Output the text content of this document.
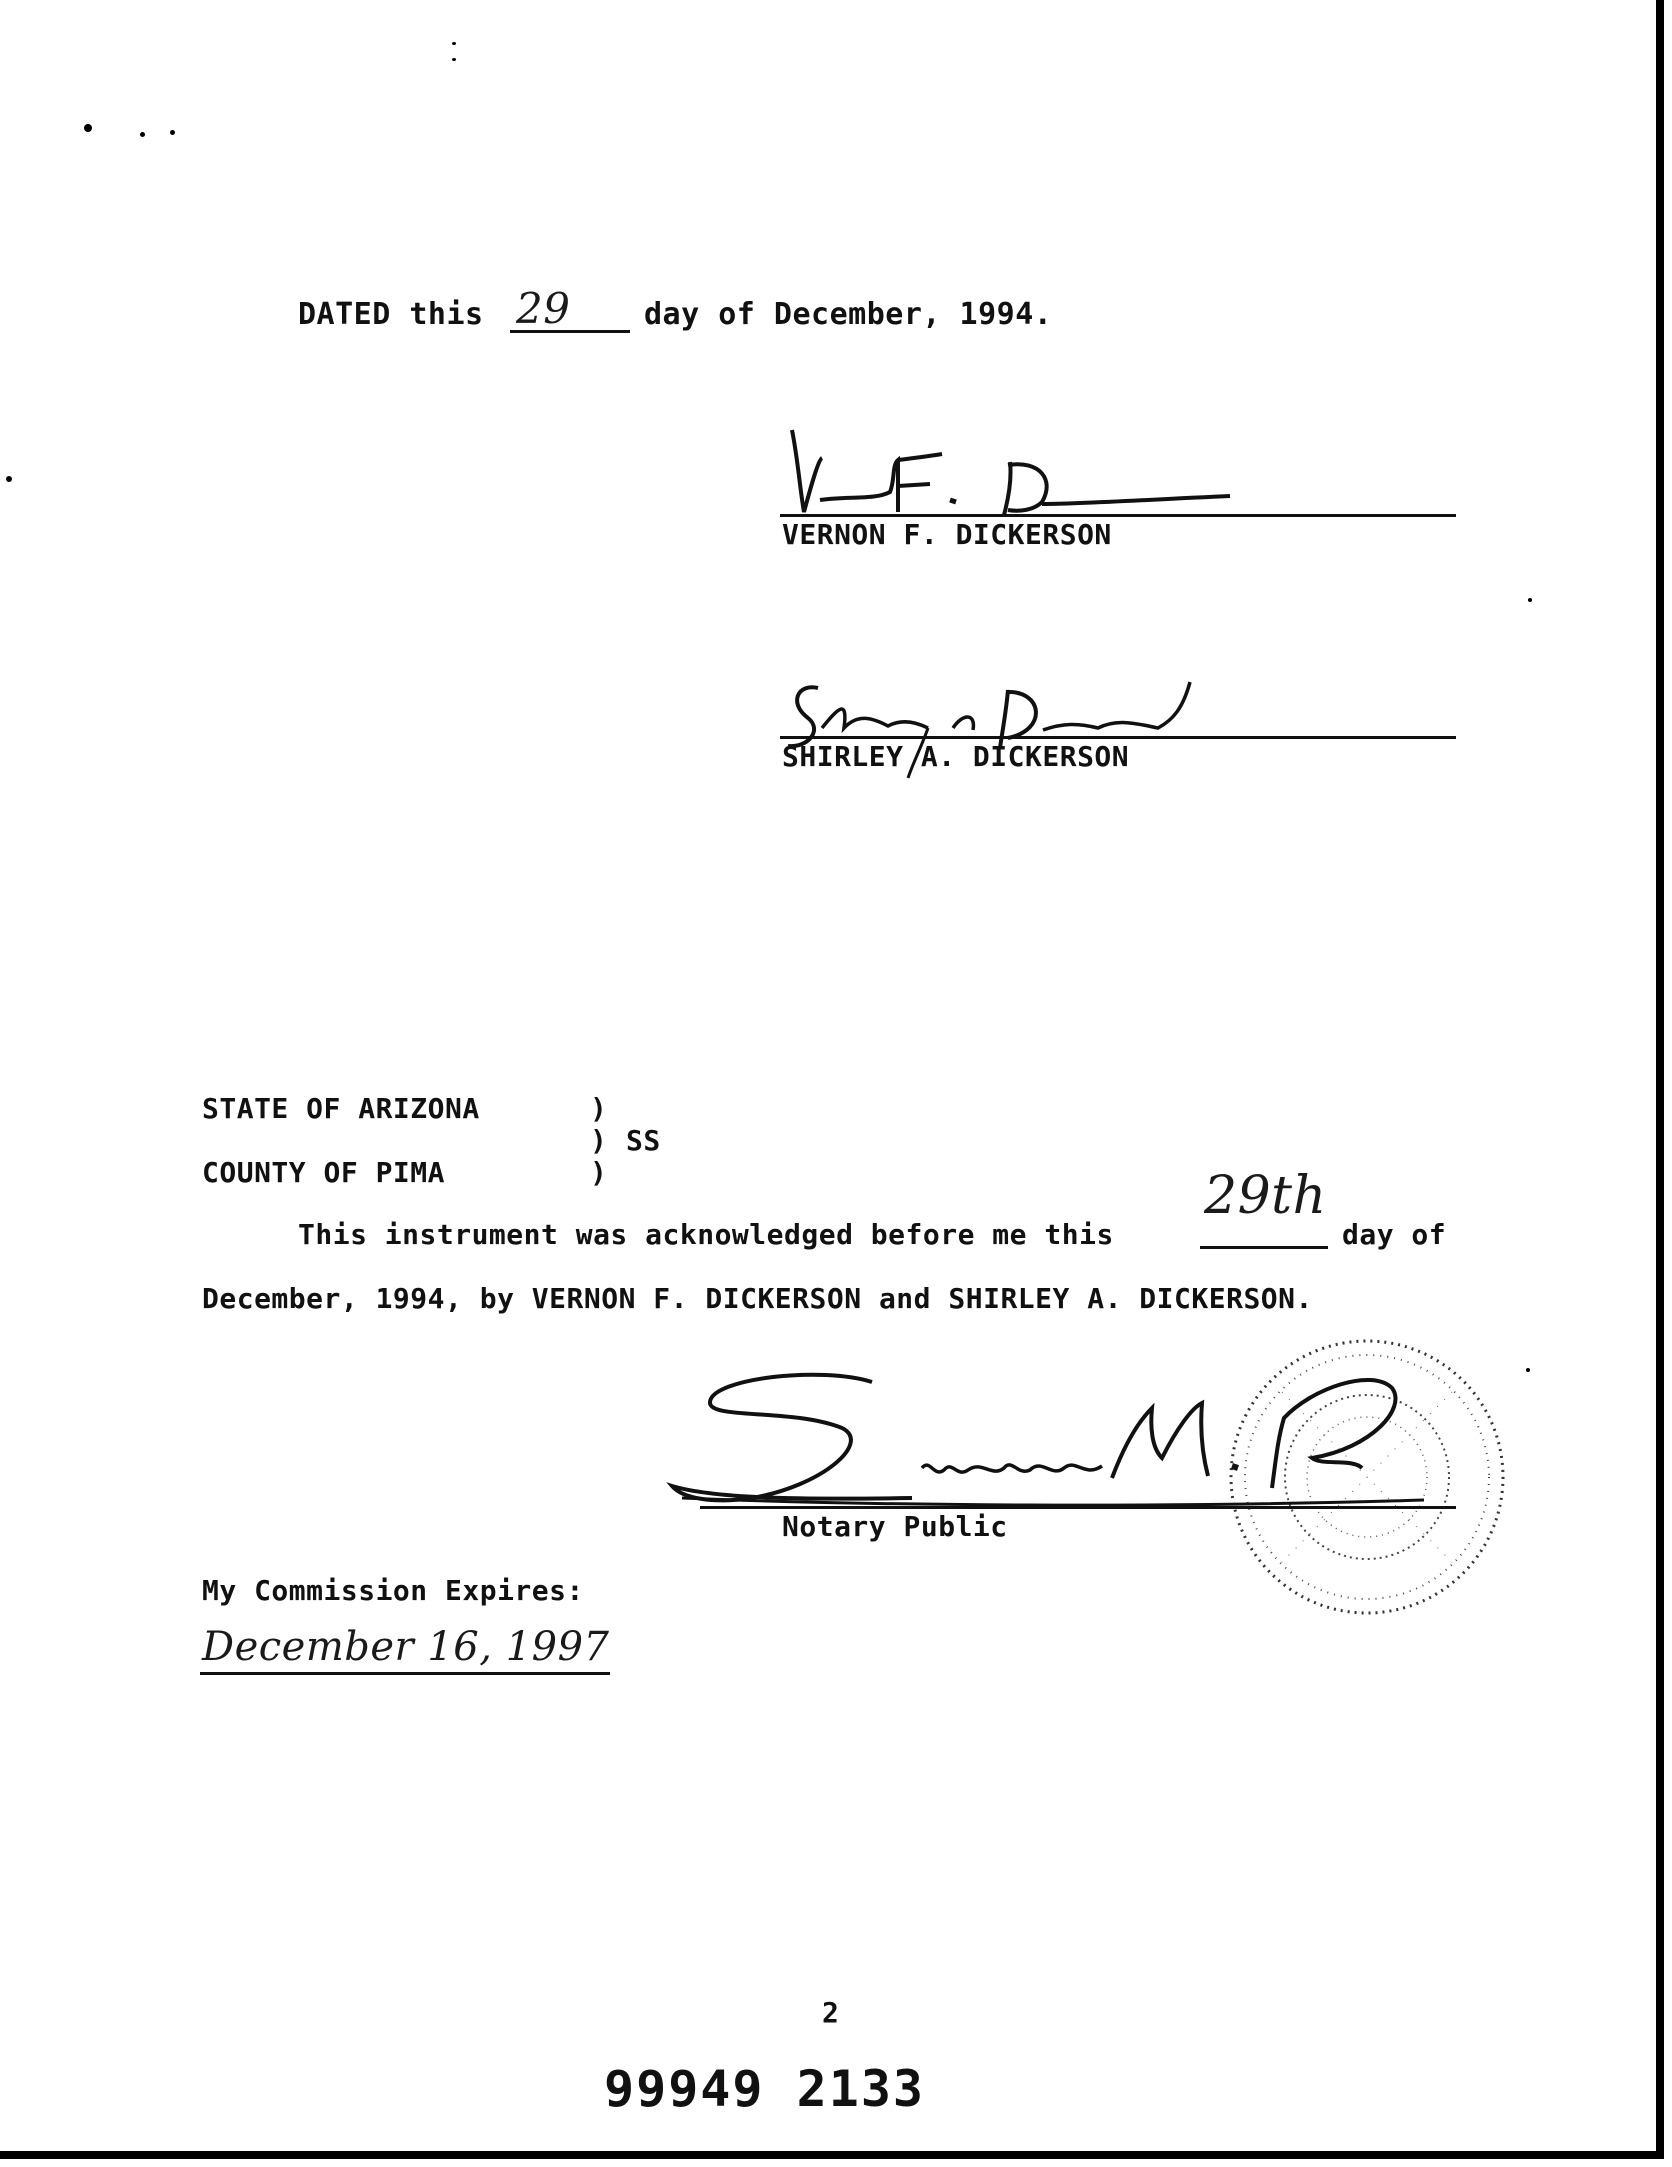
DATED this 29 day of December, 1994.
VERNON F. DICKERSON
SHIRLEY A. DICKERSON
STATE OF ARIZONA	)
) SS
COUNTY OF PIMA	)
This instrument was acknowledged before me this
29th
day of
December, 1994, by VERNON F. DICKERSON and SHIRLEY A. DICKERSON.
Notary Public
My Commission Expires:
December 16, 1997
2
99949 2133
